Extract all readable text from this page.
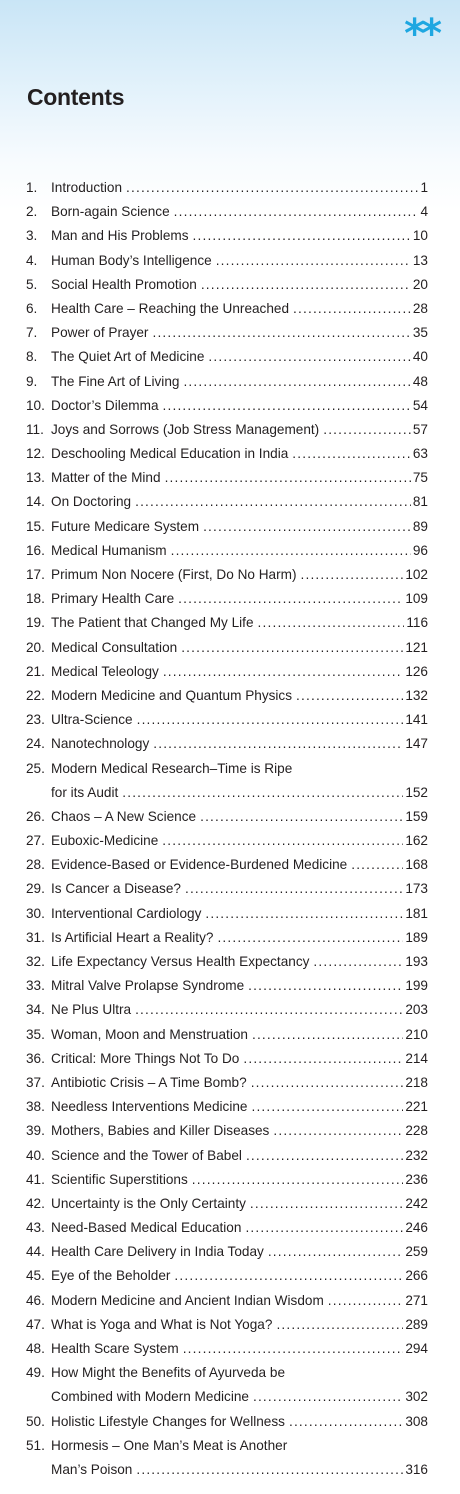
**
Contents
1.	Introduction .....	1
2.	Born-again Science .....	4
3.	Man and His Problems .....	10
4.	Human Body’s Intelligence .....	13
5.	Social Health Promotion .....	20
6.	Health Care – Reaching the Unreached .....	28
7.	Power of Prayer .....	35
8.	The Quiet Art of Medicine .....	40
9.	The Fine Art of Living .....	48
10. Doctor’s Dilemma .....	54
11. Joys and Sorrows (Job Stress Management) .....	57
12. Deschooling Medical Education in India .....	63
13. Matter of the Mind .....	75
14. On Doctoring .....	81
15. Future Medicare System .....	89
16. Medical Humanism .....	96
17. Primum Non Nocere (First, Do No Harm) .....	102
18. Primary Health Care .....	109
19. The Patient that Changed My Life .....	116
20. Medical Consultation .....	121
21. Medical Teleology .....	126
22. Modern Medicine and Quantum Physics .....	132
23. Ultra-Science .....	141
24. Nanotechnology .....	147
25. Modern Medical Research–Time is Ripe
for its Audit .....	152
26. Chaos – A New Science .....	159
27. Euboxic-Medicine .....	162
28. Evidence-Based or Evidence-Burdened Medicine .....	168
29. Is Cancer a Disease? .....	173
30. Interventional Cardiology .....	181
31. Is Artificial Heart a Reality? .....	189
32. Life Expectancy Versus Health Expectancy .....	193
33. Mitral Valve Prolapse Syndrome .....	199
34. Ne Plus Ultra .....	203
35. Woman, Moon and Menstruation .....	210
36. Critical: More Things Not To Do .....	214
37. Antibiotic Crisis – A Time Bomb? .....	218
38. Needless Interventions Medicine .....	221
39. Mothers, Babies and Killer Diseases .....	228
40. Science and the Tower of Babel .....	232
41. Scientific Superstitions .....	236
42. Uncertainty is the Only Certainty .....	242
43. Need-Based Medical Education .....	246
44. Health Care Delivery in India Today .....	259
45. Eye of the Beholder .....	266
46. Modern Medicine and Ancient Indian Wisdom .....	271
47. What is Yoga and What is Not Yoga? .....	289
48. Health Scare System .....	294
49. How Might the Benefits of Ayurveda be
Combined with Modern Medicine .....	302
50. Holistic Lifestyle Changes for Wellness .....	308
51. Hormesis – One Man’s Meat is Another
Man’s Poison .....	316
